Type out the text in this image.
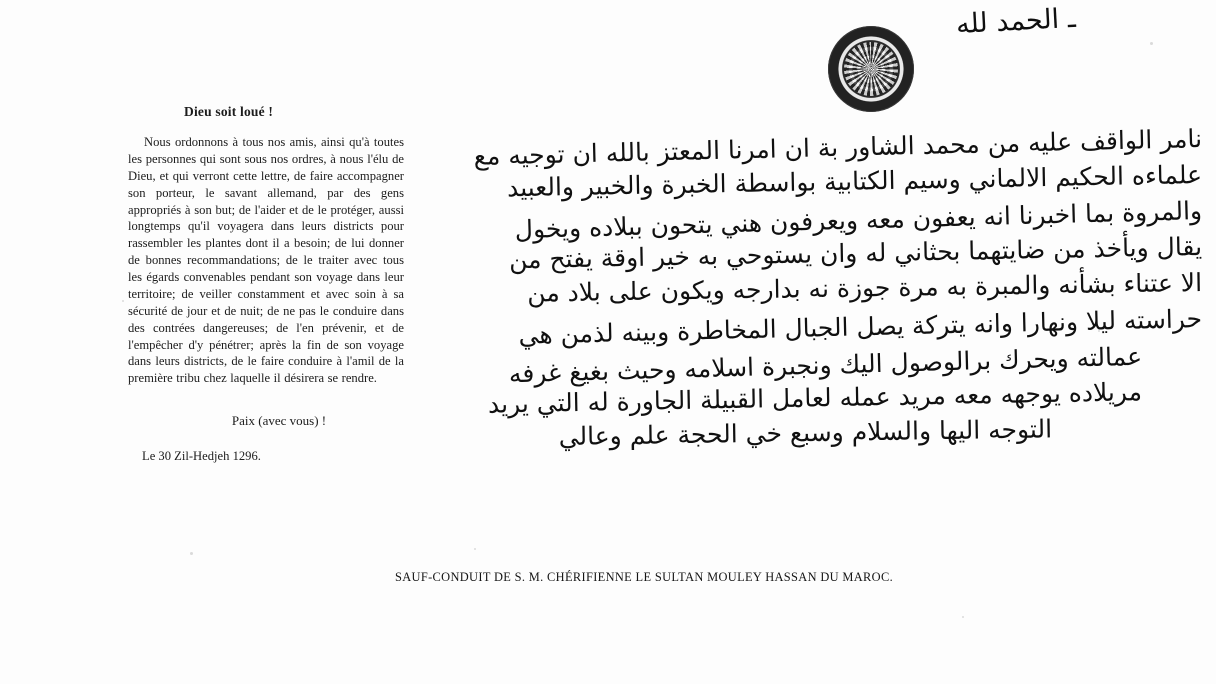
Dieu soit loué !

Nous ordonnons à tous nos amis, ainsi qu'à toutes les personnes qui sont sous nos ordres, à nous l'élu de Dieu, et qui verront cette lettre, de faire accompagner son porteur, le savant allemand, par des gens appropriés à son but; de l'aider et de le protéger, aussi longtemps qu'il voyagera dans leurs districts pour rassembler les plantes dont il a besoin; de lui donner de bonnes recommandations; de le traiter avec tous les égards convenables pendant son voyage dans leur territoire; de veiller constamment et avec soin à sa sécurité de jour et de nuit; de ne pas le conduire dans des contrées dangereuses; de l'en prévenir, et de l'empêcher d'y pénétrer; après la fin de son voyage dans leurs districts, de le faire conduire à l'amil de la première tribu chez laquelle il désirera se rendre.

Paix (avec vous) !
Le 30 Zil-Hedjeh 1296.
‏ـ الحمد لله
نامر الواقف عليه من محمد الشاور بة ان امرنا المعتز بالله ان توجيه مع
علماءه الحكيم الالماني وسيم الكتابية بواسطة الخبرة والخبير والعبيد
والمروة بما اخبرنا انه يعفون معه ويعرفون هني يتحون ببلاده ويخول
يقال ويأخذ من ضايتهما بحثاني له وان يستوحي به خير اوقة يفتح من
الا عتناء بشأنه والمبرة به مرة جوزة نه بدارجه ويكون على بلاد من
حراسته ليلا ونهارا وانه يتركة يصل الجبال المخاطرة وبينه لذمن هي
عمالته ويحرك برالوصول اليك ونجبرة اسلامه وحيث بغيغ غرفه
مريلاده يوجهه معه مريد عمله لعامل القبيلة الجاورة له التي يريد
التوجه اليها والسلام وسبع خي الحجة علم وعالي
SAUF-CONDUIT DE S. M. CHÉRIFIENNE LE SULTAN MOULEY HASSAN DU MAROC.
